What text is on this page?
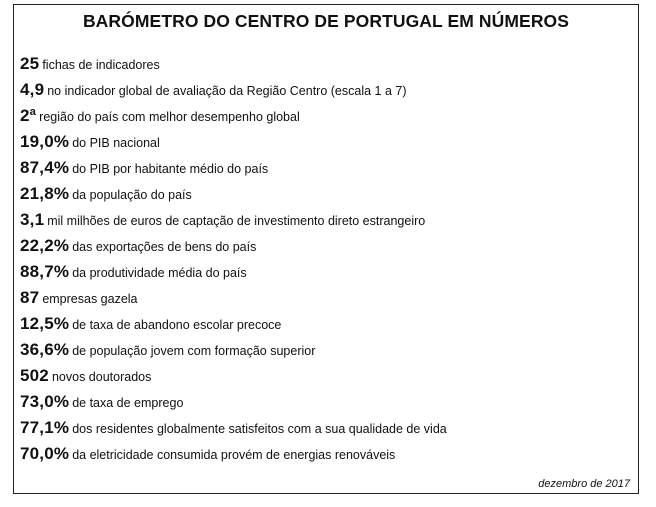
BARÓMETRO DO CENTRO DE PORTUGAL EM NÚMEROS
25 fichas de indicadores
4,9 no indicador global de avaliação da Região Centro (escala 1 a 7)
2ª região do país com melhor desempenho global
19,0% do PIB nacional
87,4% do PIB por habitante médio do país
21,8% da população do país
3,1 mil milhões de euros de captação de investimento direto estrangeiro
22,2% das exportações de bens do país
88,7% da produtividade média do país
87 empresas gazela
12,5% de taxa de abandono escolar precoce
36,6% de população jovem com formação superior
502 novos doutorados
73,0% de taxa de emprego
77,1% dos residentes globalmente satisfeitos com a sua qualidade de vida
70,0% da eletricidade consumida provém de energias renováveis
dezembro de 2017
